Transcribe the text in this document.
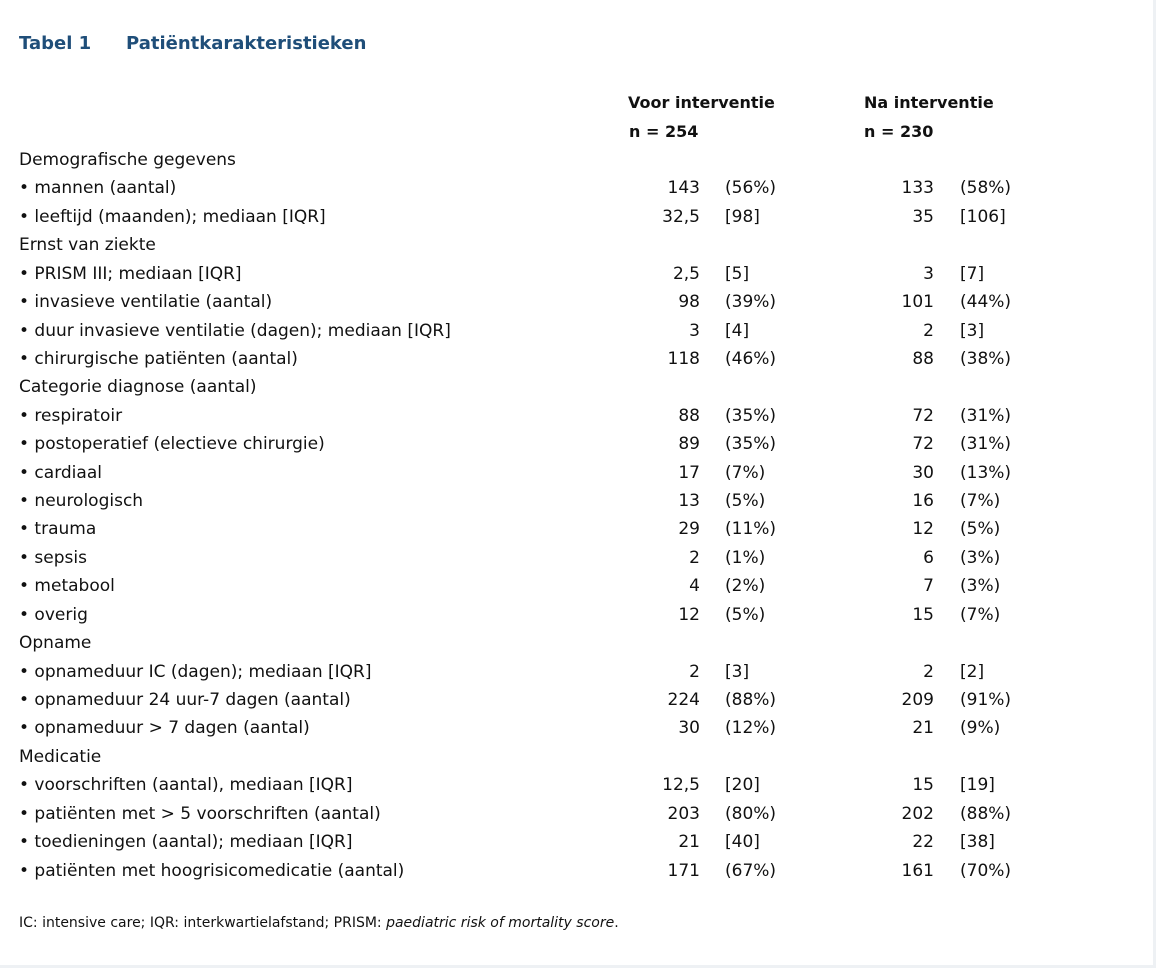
Tabel 1 Patiëntkarakteristieken
Voor interventie
n = 254
Na interventie
n = 230
Demografische gegevens
• mannen (aantal)	143 (56%)	133 (58%)
• leeftijd (maanden); mediaan [IQR]	32,5 [98]	35 [106]
Ernst van ziekte
• PRISM III; mediaan [IQR]	2,5 [5]	3 [7]
• invasieve ventilatie (aantal)	98 (39%)	101 (44%)
• duur invasieve ventilatie (dagen); mediaan [IQR]	3 [4]	2 [3]
• chirurgische patiënten (aantal)	118 (46%)	88 (38%)
Categorie diagnose (aantal)
• respiratoir	88 (35%)	72 (31%)
• postoperatief (electieve chirurgie)	89 (35%)	72 (31%)
• cardiaal	17 (7%)	30 (13%)
• neurologisch	13 (5%)	16 (7%)
• trauma	29 (11%)	12 (5%)
• sepsis	2 (1%)	6 (3%)
• metabool	4 (2%)	7 (3%)
• overig	12 (5%)	15 (7%)
Opname
• opnameduur IC (dagen); mediaan [IQR]	2 [3]	2 [2]
• opnameduur 24 uur-7 dagen (aantal)	224 (88%)	209 (91%)
• opnameduur > 7 dagen (aantal)	30 (12%)	21 (9%)
Medicatie
• voorschriften (aantal), mediaan [IQR]	12,5 [20]	15 [19]
• patiënten met > 5 voorschriften (aantal)	203 (80%)	202 (88%)
• toedieningen (aantal); mediaan [IQR]	21 [40]	22 [38]
• patiënten met hoogrisicomedicatie (aantal)	171 (67%)	161 (70%)
IC: intensive care; IQR: interkwartielafstand; PRISM: paediatric risk of mortality score.
